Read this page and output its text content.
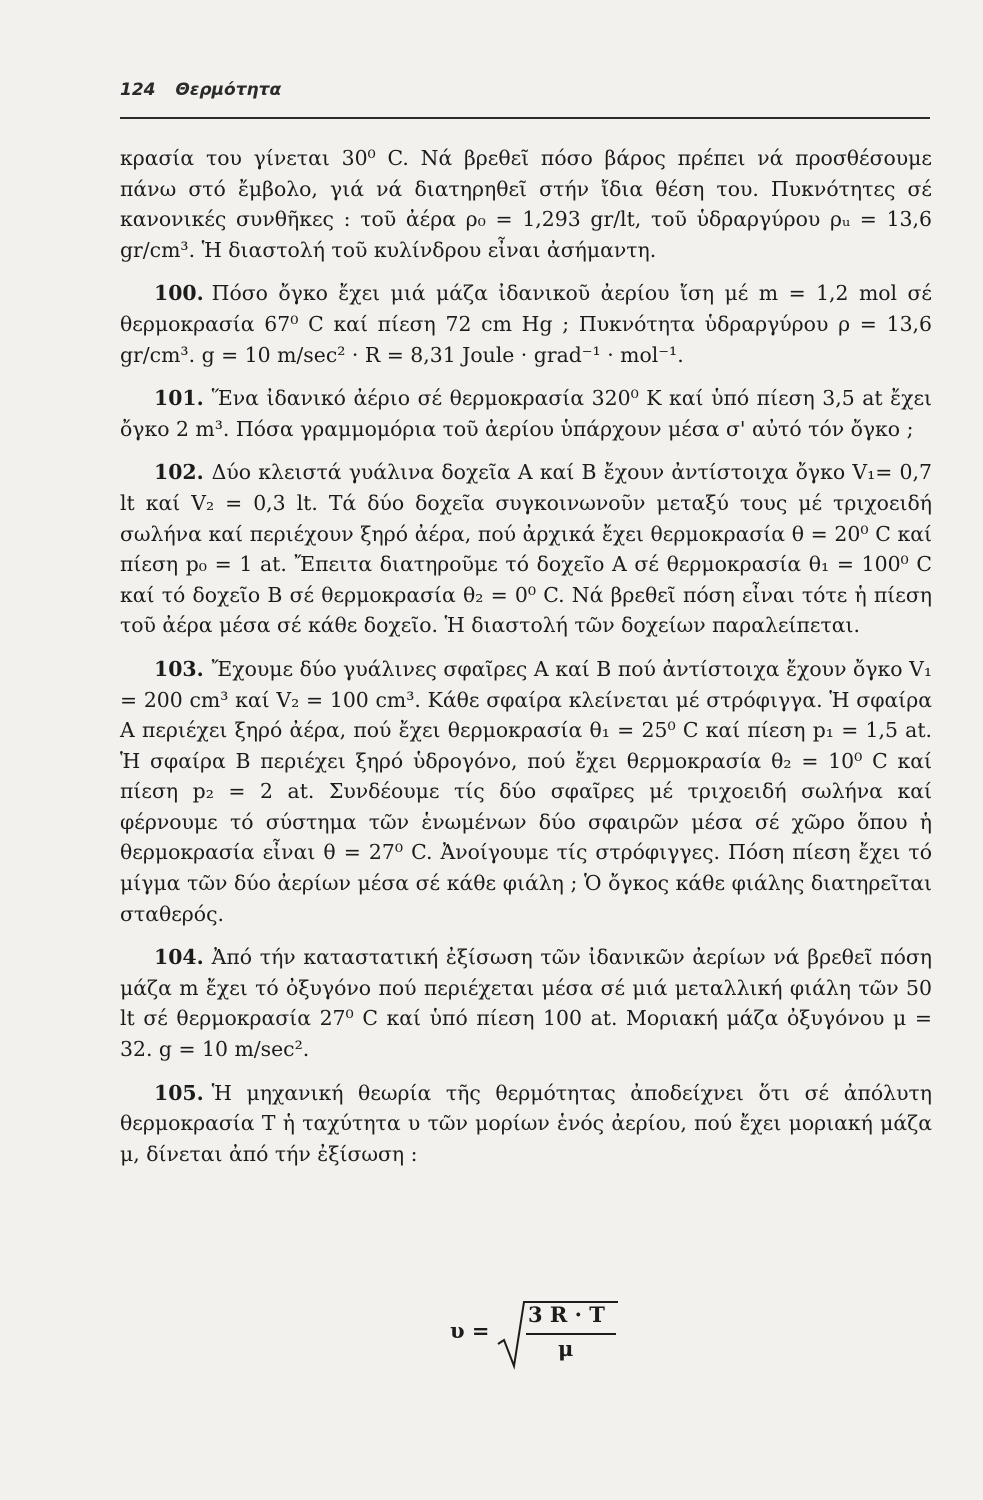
124 Θερμότητα

κρασία του γίνεται 30⁰ C. Νά βρεθεῖ πόσο βάρος πρέπει νά προσθέσουμε πάνω στό ἔμβολο, γιά νά διατηρηθεῖ στήν ἴδια θέση του. Πυκνότητες σέ κανονικές συνθῆκες : τοῦ ἀέρα ρ₀ = 1,293 gr/lt, τοῦ ὑδραργύρου ρᵤ = 13,6 gr/cm³. Ἡ διαστολή τοῦ κυλίνδρου εἶναι ἀσήμαντη.

100. Πόσο ὄγκο ἔχει μιά μάζα ἰδανικοῦ ἀερίου ἴση μέ m = 1,2 mol σέ θερμοκρασία 67⁰ C καί πίεση 72 cm Hg ; Πυκνότητα ὑδραργύρου ρ = 13,6 gr/cm³. g = 10 m/sec² · R = 8,31 Joule · grad⁻¹ · mol⁻¹.

101. Ἕνα ἰδανικό ἀέριο σέ θερμοκρασία 320⁰ K καί ὑπό πίεση 3,5 at ἔχει ὄγκο 2 m³. Πόσα γραμμομόρια τοῦ ἀερίου ὑπάρχουν μέσα σ' αὐτό τόν ὄγκο ;

102. Δύο κλειστά γυάλινα δοχεῖα Α καί Β ἔχουν ἀντίστοιχα ὄγκο V₁= 0,7 lt καί V₂ = 0,3 lt. Τά δύο δοχεῖα συγκοινωνοῦν μεταξύ τους μέ τριχοειδή σωλήνα καί περιέχουν ξηρό ἀέρα, πού ἀρχικά ἔχει θερμοκρασία θ = 20⁰ C καί πίεση p₀ = 1 at. Ἔπειτα διατηροῦμε τό δοχεῖο Α σέ θερμοκρασία θ₁ = 100⁰ C καί τό δοχεῖο Β σέ θερμοκρασία θ₂ = 0⁰ C. Νά βρεθεῖ πόση εἶναι τότε ἡ πίεση τοῦ ἀέρα μέσα σέ κάθε δοχεῖο. Ἡ διαστολή τῶν δοχείων παραλείπεται.

103. Ἔχουμε δύο γυάλινες σφαῖρες Α καί Β πού ἀντίστοιχα ἔχουν ὄγκο V₁ = 200 cm³ καί V₂ = 100 cm³. Κάθε σφαίρα κλείνεται μέ στρόφιγγα. Ἡ σφαίρα Α περιέχει ξηρό ἀέρα, πού ἔχει θερμοκρασία θ₁ = 25⁰ C καί πίεση p₁ = 1,5 at. Ἡ σφαίρα Β περιέχει ξηρό ὑδρογόνο, πού ἔχει θερμοκρασία θ₂ = 10⁰ C καί πίεση p₂ = 2 at. Συνδέουμε τίς δύο σφαῖρες μέ τριχοειδή σωλήνα καί φέρνουμε τό σύστημα τῶν ἑνωμένων δύο σφαιρῶν μέσα σέ χῶρο ὅπου ἡ θερμοκρασία εἶναι θ = 27⁰ C. Ἀνοίγουμε τίς στρόφιγγες. Πόση πίεση ἔχει τό μίγμα τῶν δύο ἀερίων μέσα σέ κάθε φιάλη ; Ὁ ὄγκος κάθε φιάλης διατηρεῖται σταθερός.

104. Ἀπό τήν καταστατική ἐξίσωση τῶν ἰδανικῶν ἀερίων νά βρεθεῖ πόση μάζα m ἔχει τό ὀξυγόνο πού περιέχεται μέσα σέ μιά μεταλλική φιάλη τῶν 50 lt σέ θερμοκρασία 27⁰ C καί ὑπό πίεση 100 at. Μοριακή μάζα ὀξυγόνου μ = 32. g = 10 m/sec².

105. Ἡ μηχανική θεωρία τῆς θερμότητας ἀποδείχνει ὅτι σέ ἀπόλυτη θερμοκρασία T ἡ ταχύτητα υ τῶν μορίων ἑνός ἀερίου, πού ἔχει μοριακή μάζα μ, δίνεται ἀπό τήν ἐξίσωση :

υ =
3 R · T
μ
